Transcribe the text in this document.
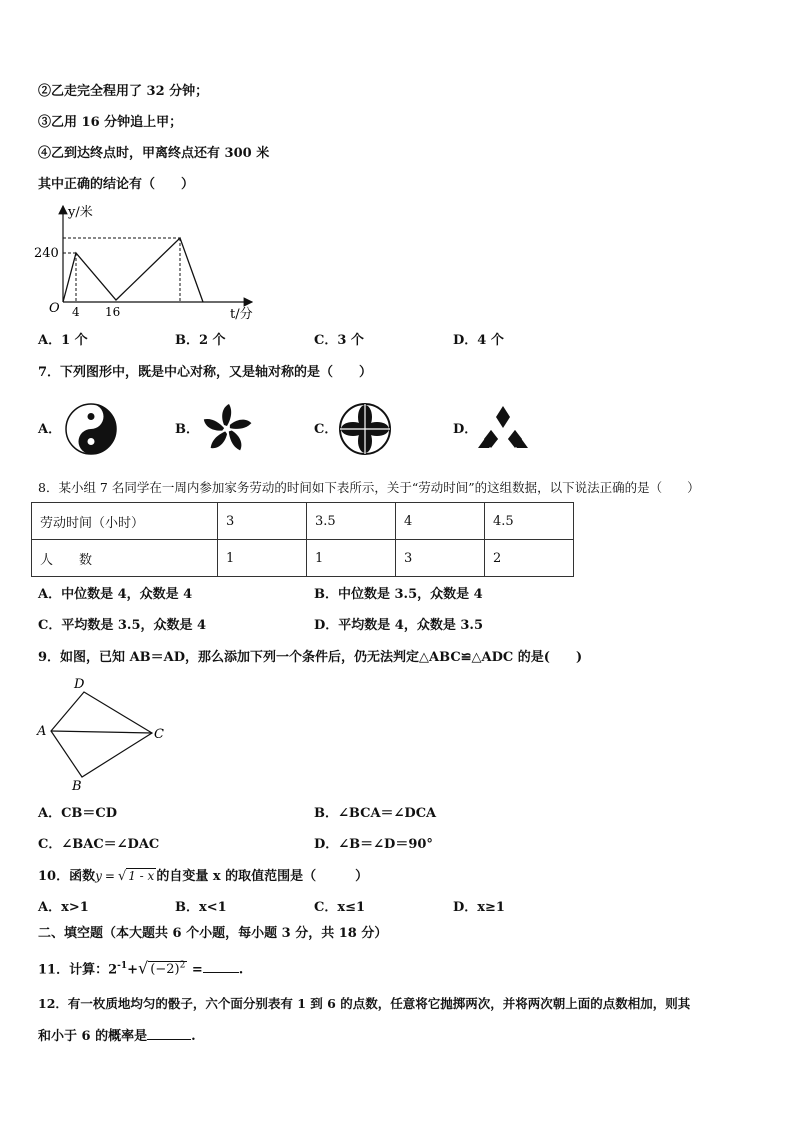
②乙走完全程用了 32 分钟；
③乙用 16 分钟追上甲；
④乙到达终点时，甲离终点还有 300 米
其中正确的结论有（　　）
y/米
t/分
240
O 4 16
A．1 个	B．2 个	C．3 个	D．4 个
7．下列图形中，既是中心对称，又是轴对称的是（　　）
A．	B．	C．	D．
8．某小组 7 名同学在一周内参加家务劳动的时间如下表所示，关于“劳动时间”的这组数据，以下说法正确的是（　　）
劳动时间（小时）	3	3.5	4	4.5
人　　数	1	1	3	2
A．中位数是 4，众数是 4	B．中位数是 3.5，众数是 4
C．平均数是 3.5，众数是 4	D．平均数是 4，众数是 3.5
9．如图，已知 AB＝AD，那么添加下列一个条件后，仍无法判定△ABC≌△ADC 的是(　　)
D
A	C
B
A．CB＝CD	B．∠BCA＝∠DCA
C．∠BAC＝∠DAC	D．∠B＝∠D＝90°
10．函数y = √ 1 - x 的自变量 x 的取值范围是（　　　）
A．x>1	B．x<1	C．x≤1	D．x≥1
二、填空题（本大题共 6 个小题，每小题 3 分，共 18 分）
11．计算：$2^{-1}+√$ $(-2)^2$ =	.
12．有一枚质地均匀的骰子，六个面分别表有 1 到 6 的点数，任意将它抛掷两次，并将两次朝上面的点数相加，则其
和小于 6 的概率是	.
